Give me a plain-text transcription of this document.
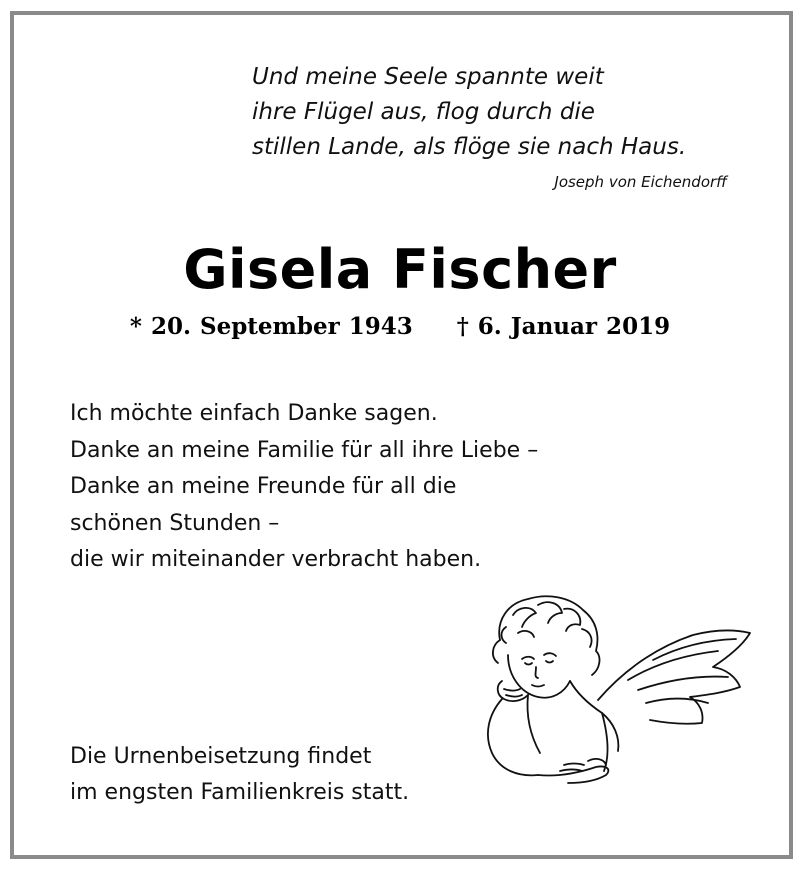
Und meine Seele spannte weit
ihre Flügel aus, flog durch die
stillen Lande, als flöge sie nach Haus.
Joseph von Eichendorff
Gisela Fischer
* 20. September 1943 † 6. Januar 2019
Ich möchte einfach Danke sagen.
Danke an meine Familie für all ihre Liebe –
Danke an meine Freunde für all die
schönen Stunden –
die wir miteinander verbracht haben.
Die Urnenbeisetzung findet
im engsten Familienkreis statt.
